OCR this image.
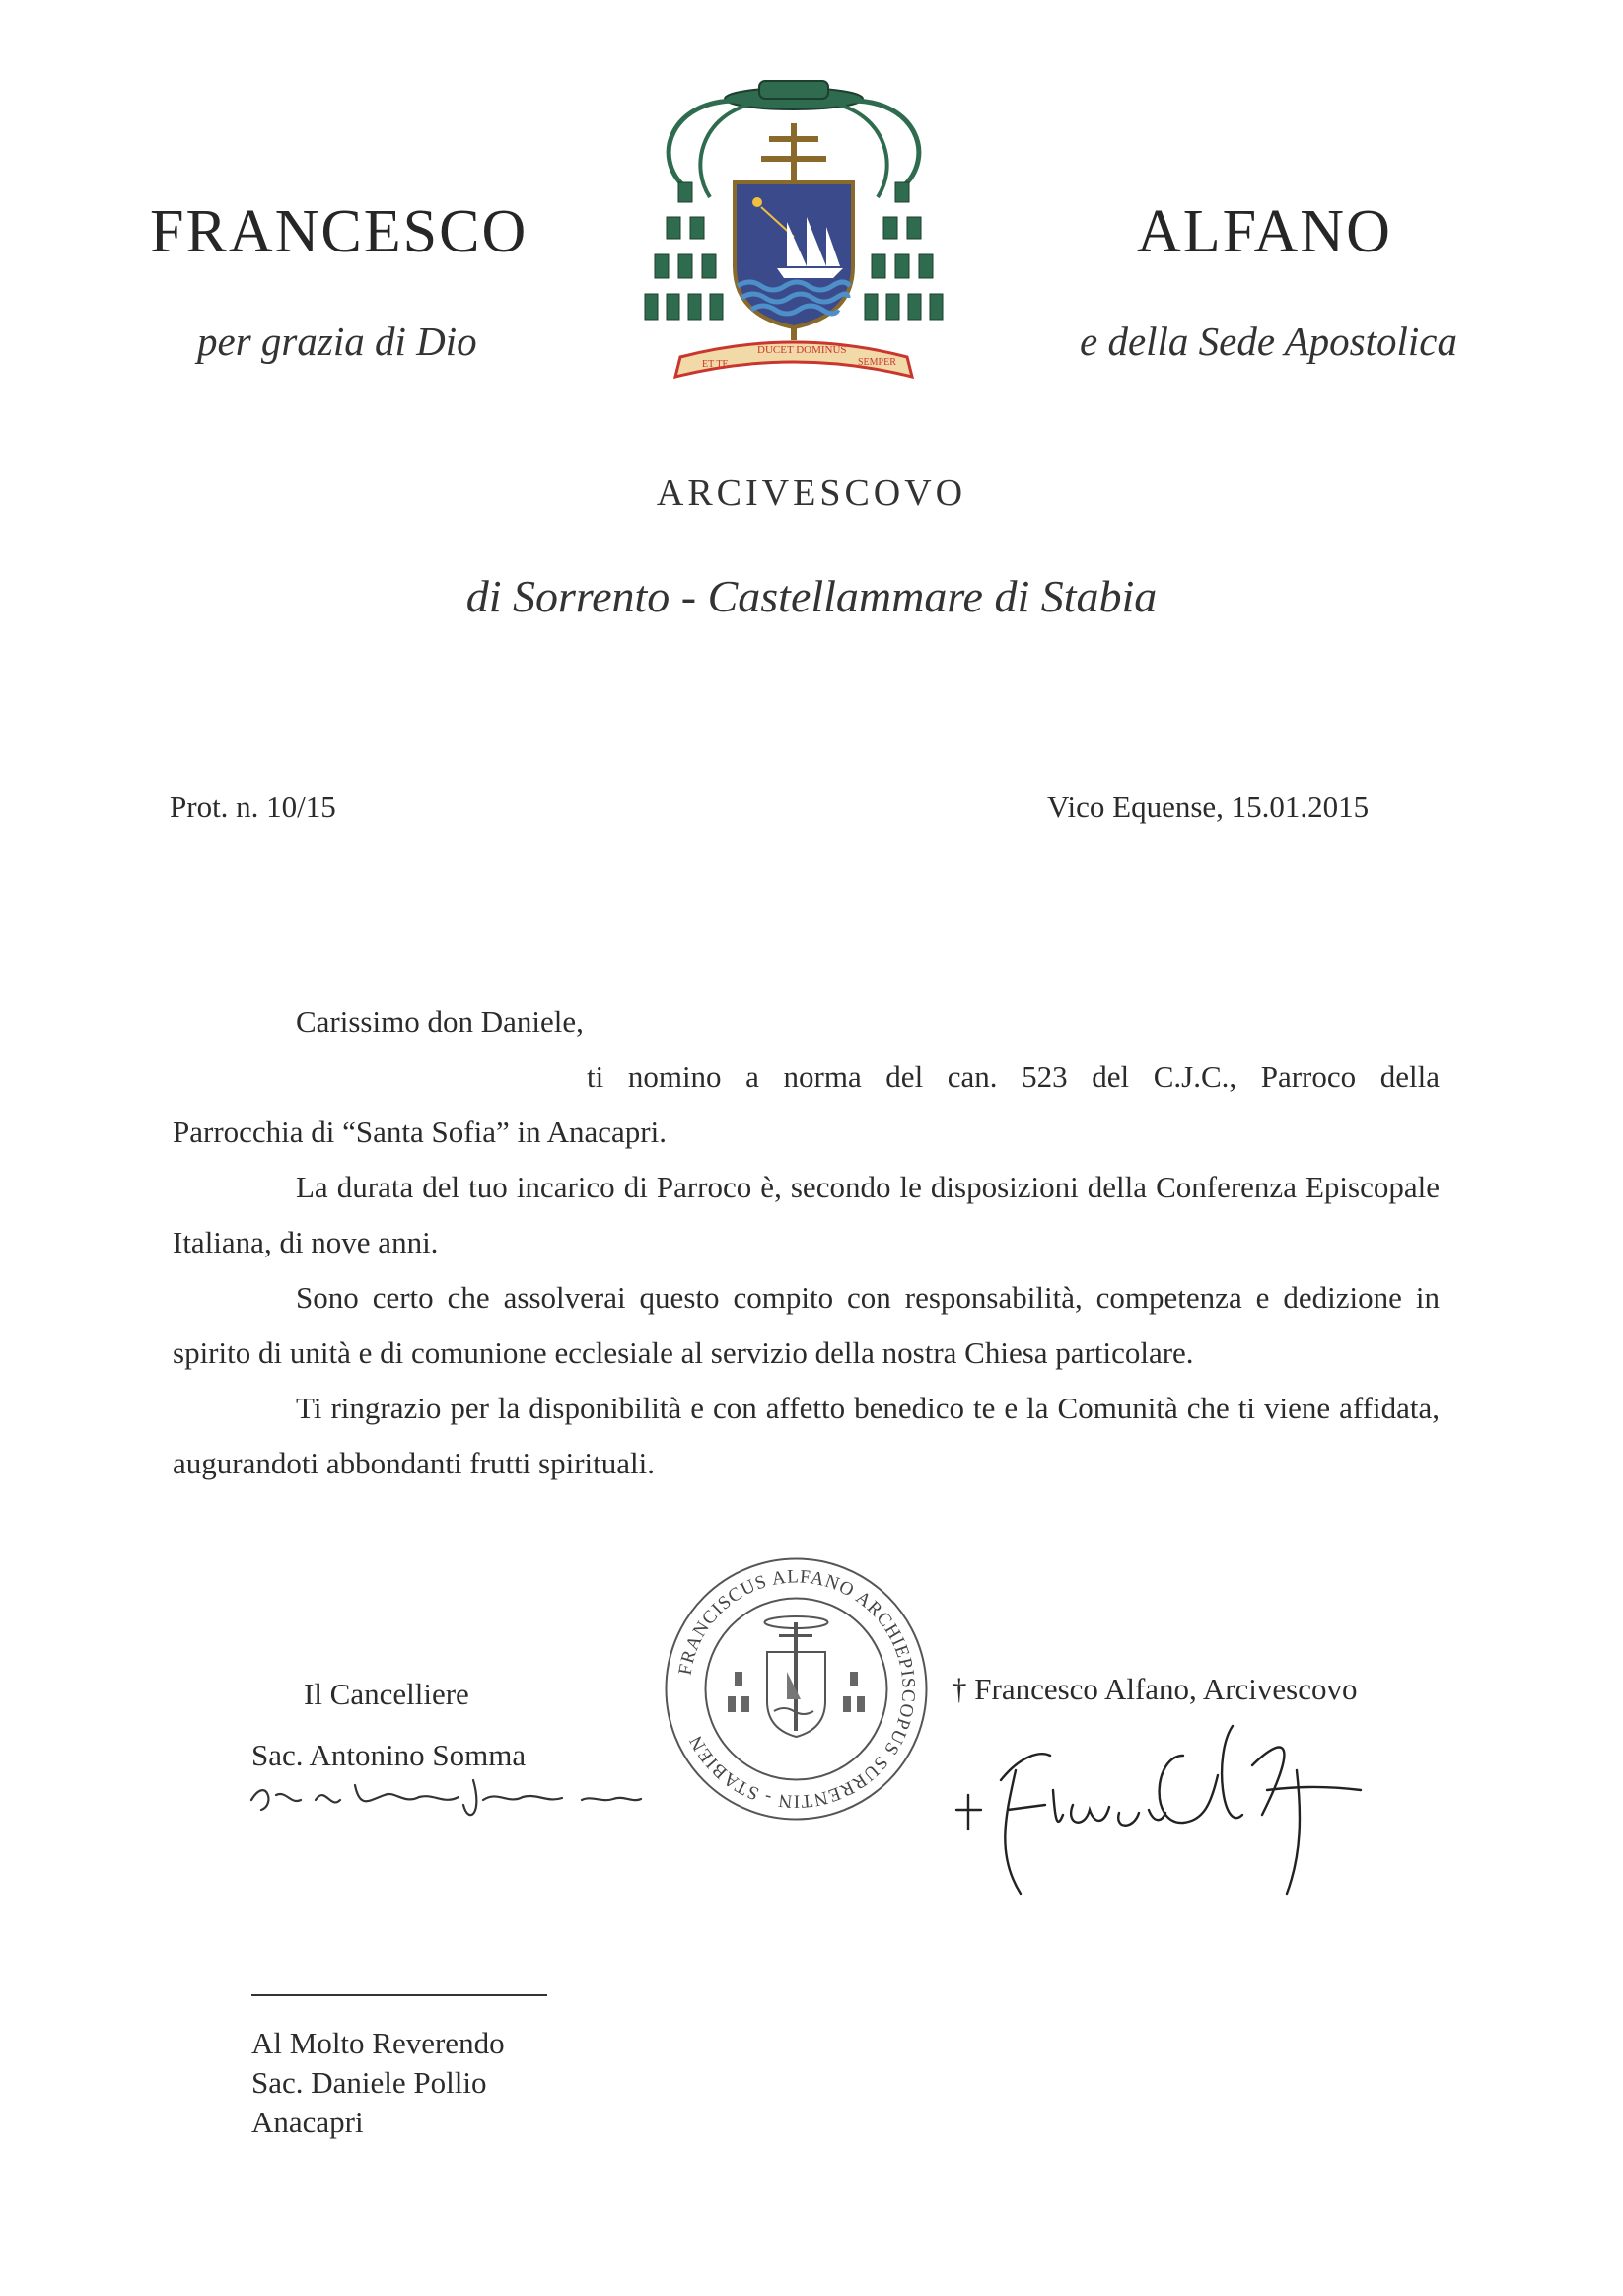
FRANCESCO	ALFANO
per grazia di Dio	e della Sede Apostolica
ET TE
DUCET DOMINUS
SEMPER
ARCIVESCOVO
di Sorrento - Castellammare di Stabia
Prot. n. 10/15	Vico Equense, 15.01.2015
Carissimo don Daniele,
ti nomino a norma del can. 523 del C.J.C., Parroco della
Parrocchia di “Santa Sofia” in Anacapri.
La durata del tuo incarico di Parroco è, secondo le disposizioni della Conferenza Episcopale Italiana, di nove anni.
Sono certo che assolverai questo compito con responsabilità, competenza e dedizione in spirito di unità e di comunione ecclesiale al servizio della nostra Chiesa particolare.
Ti ringrazio per la disponibilità e con affetto benedico te e la Comunità che ti viene affidata, augurandoti abbondanti frutti spirituali.
FRANCISCUS ALFANO ARCHIEPISCOPUS SURRENTIN - STABIEN
Il Cancelliere
Sac. Antonino Somma
† Francesco Alfano, Arcivescovo
Al Molto Reverendo
Sac. Daniele Pollio
Anacapri
